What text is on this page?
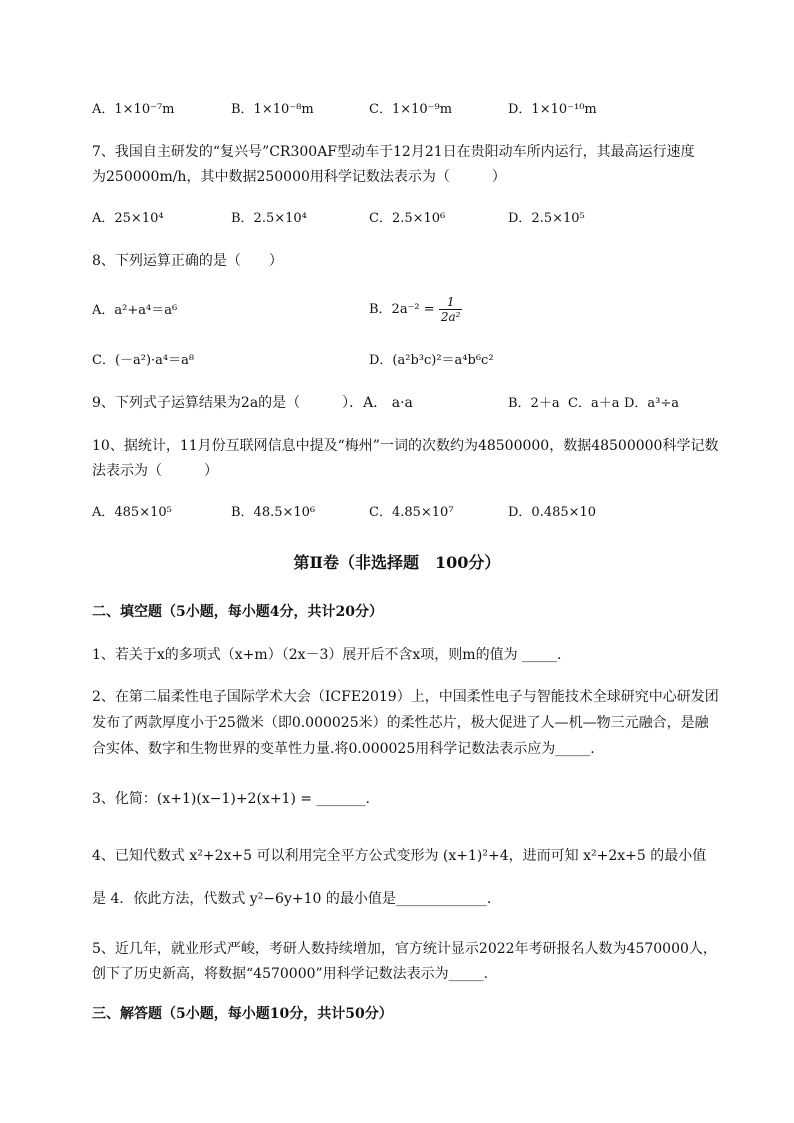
A．1×10⁻⁷m	B．1×10⁻⁸m	C．1×10⁻⁹m	D．1×10⁻¹⁰m
7、我国自主研发的“复兴号”CR300AF型动车于12月21日在贵阳动车所内运行，其最高运行速度
为250000m/h，其中数据250000用科学记数法表示为（　　　）
A．25×10⁴	B．2.5×10⁴	C．2.5×10⁶	D．2.5×10⁵
8、下列运算正确的是（　　）
A．a²+a⁴＝a⁶	B．$2a^{-2} = \frac{1}{\text{2a²}}$
C．(－a²)·a⁴＝a⁸	D．(a²b³c)²＝a⁴b⁶c²
9、下列式子运算结果为2a的是（　　　）．A． a·a	B．2＋a C．a＋a D．a³÷a
10、据统计，11月份互联网信息中提及“梅州”一词的次数约为48500000，数据48500000科学记数
法表示为（　　　）
A．485×10⁵	B．48.5×10⁶	C．4.85×10⁷	D．0.485×10
第Ⅱ卷（非选择题　100分）
二、填空题（5小题，每小题4分，共计20分）
1、若关于x的多项式（x+m）（2x－3）展开后不含x项，则m的值为 _____.
2、在第二届柔性电子国际学术大会（ICFE2019）上，中国柔性电子与智能技术全球研究中心研发团
发布了两款厚度小于25微米（即0.000025米）的柔性芯片，极大促进了人—机—物三元融合，是融
合实体、数字和生物世界的变革性力量.将0.000025用科学记数法表示应为_____.
3、化简：(x+1)(x−1)+2(x+1) = _______.
4、已知代数式 x²+2x+5 可以利用完全平方公式变形为 (x+1)²+4，进而可知 x²+2x+5 的最小值
是 4．依此方法，代数式 y²−6y+10 的最小值是_____________.
5、近几年，就业形式严峻，考研人数持续增加，官方统计显示2022年考研报名人数为4570000人，
创下了历史新高，将数据“4570000”用科学记数法表示为_____.
三、解答题（5小题，每小题10分，共计50分）
